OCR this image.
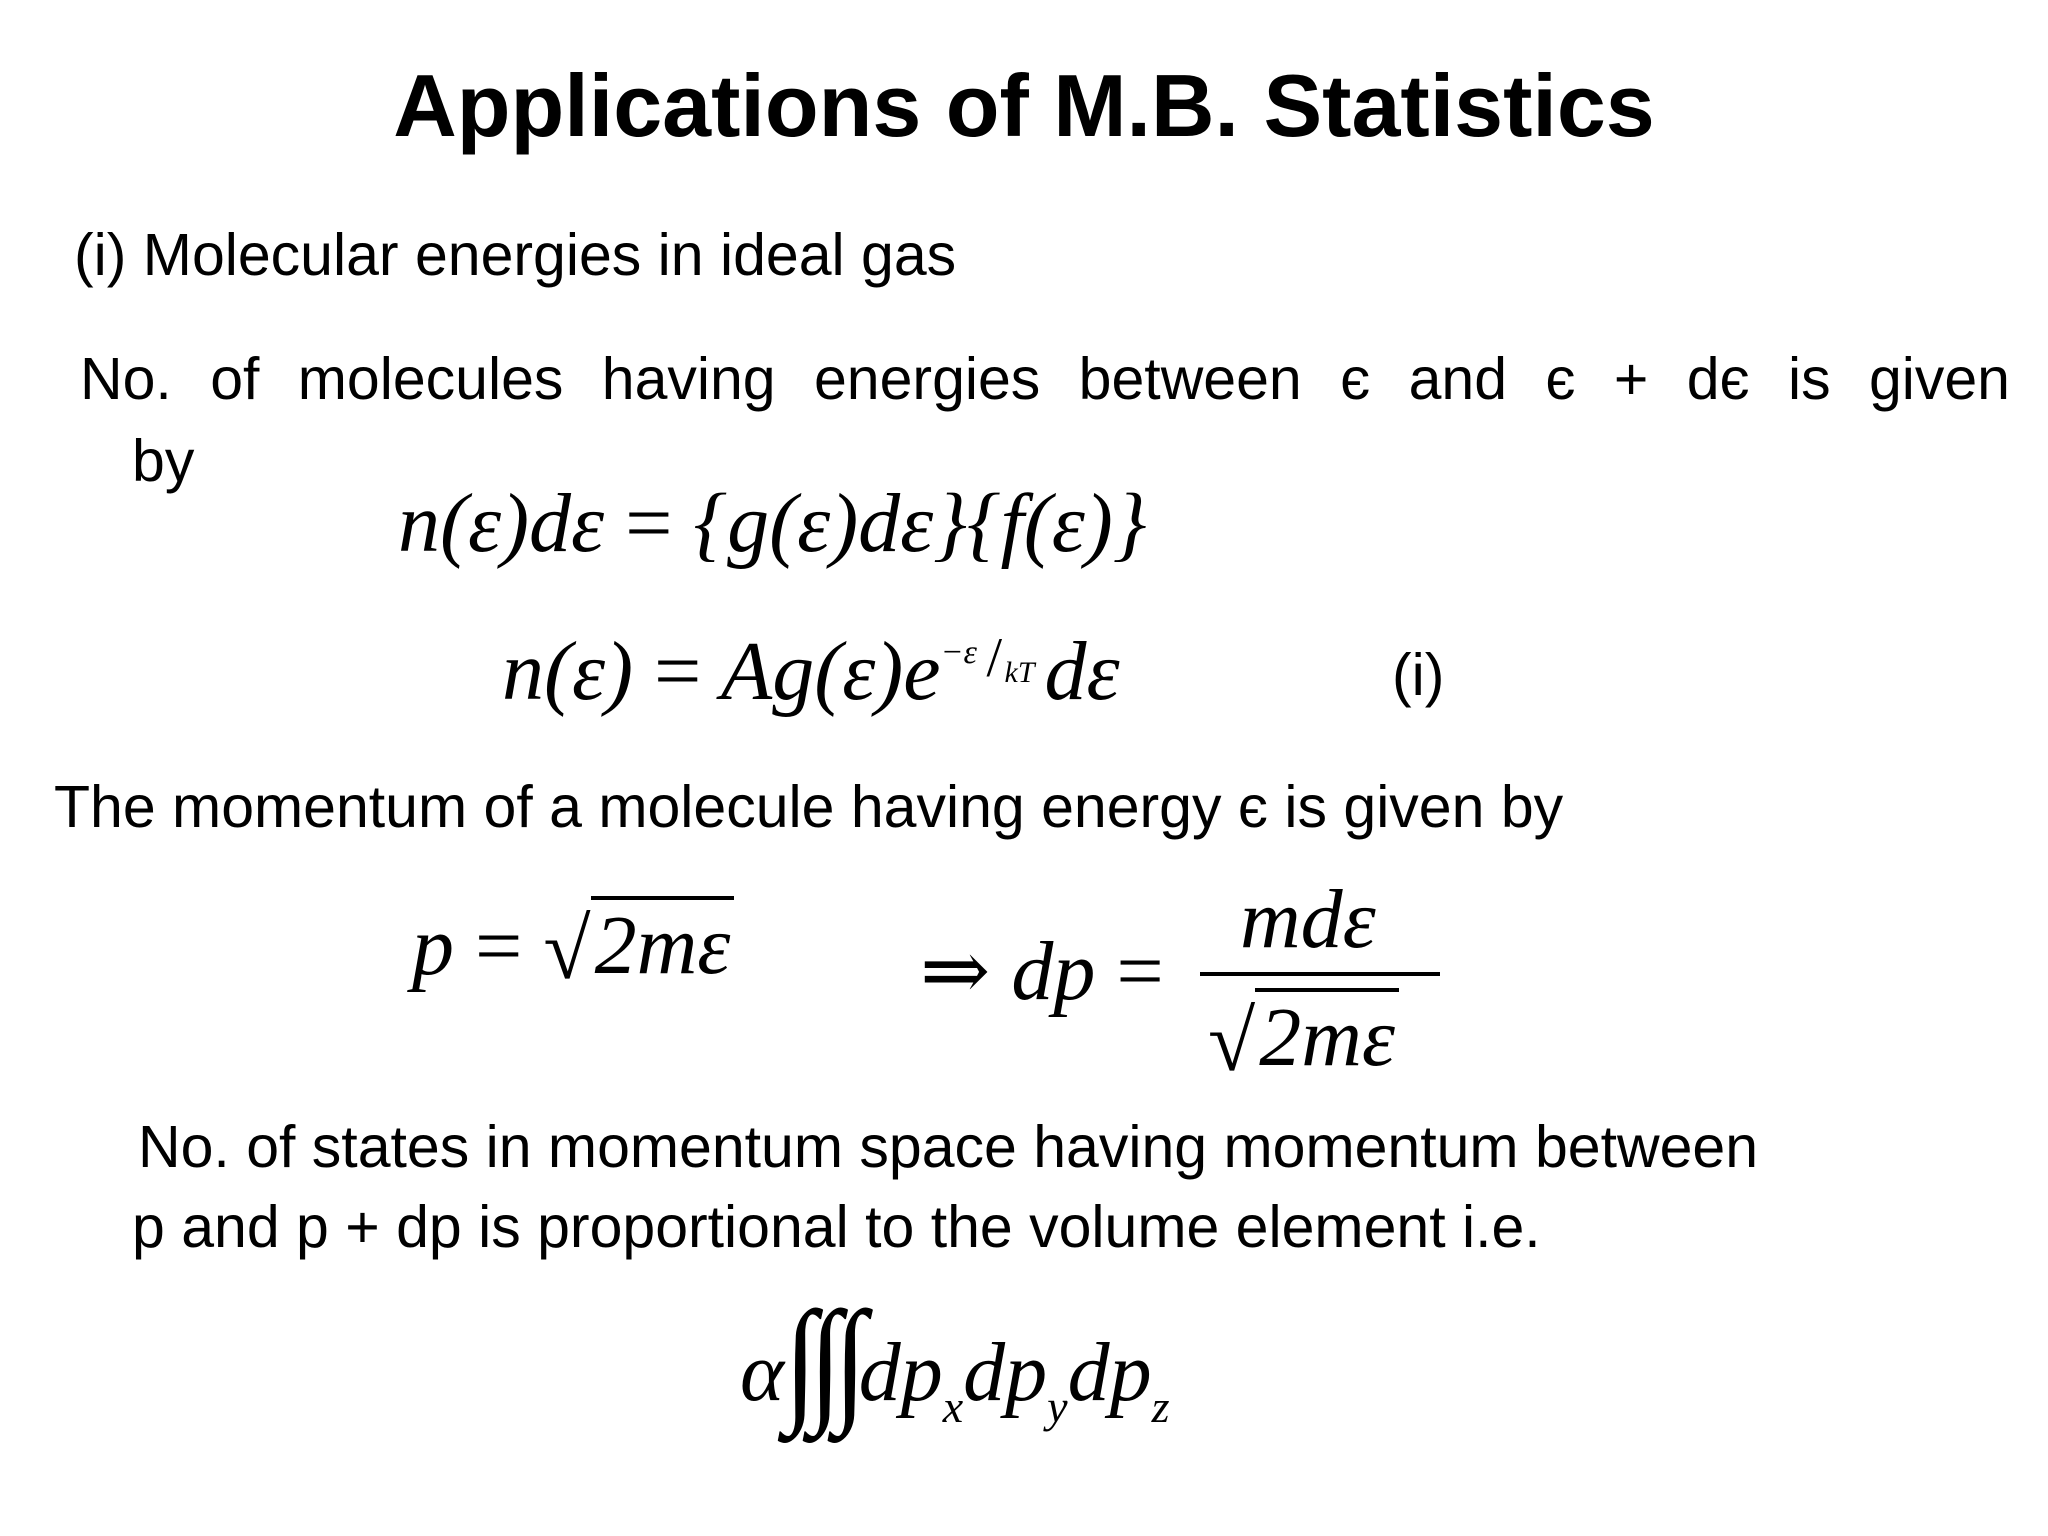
Applications of M.B. Statistics
(i) Molecular energies in ideal gas
No. of molecules having energies between є and є + dє is given
by
n(ε)dε = {g(ε)dε}{f(ε)}
n(ε) = Ag(ε)e −ε / kT dε	(i)
The momentum of a molecule having energy є is given by
p = √ 2mε ⇒ dp =
mdε
√ 2mε
No. of states in momentum space having momentum between
p and p + dp is proportional to the volume element i.e.
$\alpha\int\int\int dp_xdp_ydp_z$
